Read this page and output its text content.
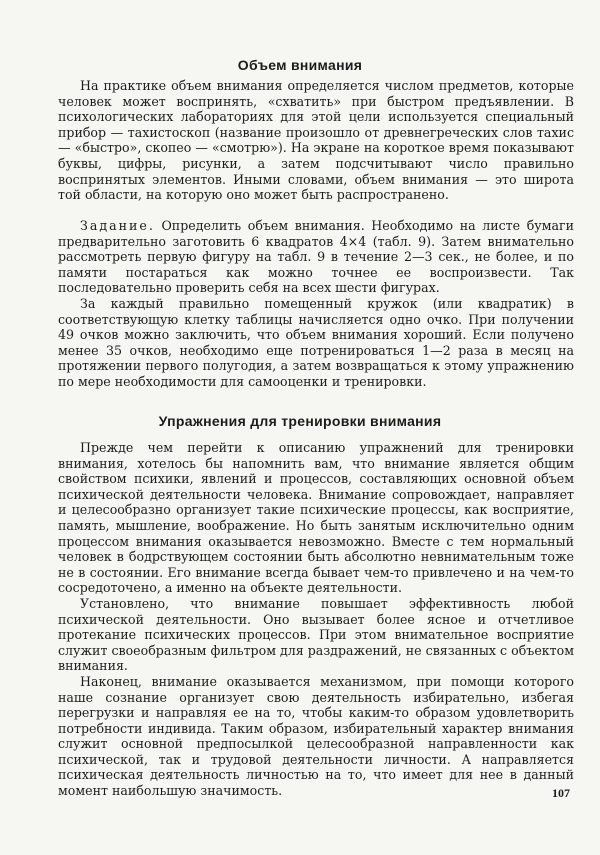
Объем внимания

На практике объем внимания определяется числом предметов, которые человек может воспринять, «схватить» при быстром предъявлении. В психологических лабораториях для этой цели используется специальный прибор — тахистоскоп (название произошло от древнегреческих слов тахис — «быстро», скопео — «смотрю»). На экране на короткое время показывают буквы, цифры, рисунки, а затем подсчитывают число правильно воспринятых элементов. Иными словами, объем внимания — это широта той области, на которую оно может быть распространено.

Задание. Определить объем внимания. Необходимо на листе бумаги предварительно заготовить 6 квадратов 4×4 (табл. 9). Затем внимательно рассмотреть первую фигуру на табл. 9 в течение 2—3 сек., не более, и по памяти постараться как можно точнее ее воспроизвести. Так последовательно проверить себя на всех шести фигурах.

За каждый правильно помещенный кружок (или квадратик) в соответствующую клетку таблицы начисляется одно очко. При получении 49 очков можно заключить, что объем внимания хороший. Если получено менее 35 очков, необходимо еще потренироваться 1—2 раза в месяц на протяжении первого полугодия, а затем возвращаться к этому упражнению по мере необходимости для самооценки и тренировки.

Упражнения для тренировки внимания

Прежде чем перейти к описанию упражнений для тренировки внимания, хотелось бы напомнить вам, что внимание является общим свойством психики, явлений и процессов, составляющих основной объем психической деятельности человека. Внимание сопровождает, направляет и целесообразно организует такие психические процессы, как восприятие, память, мышление, воображение. Но быть занятым исключительно одним процессом внимания оказывается невозможно. Вместе с тем нормальный человек в бодрствующем состоянии быть абсолютно невнимательным тоже не в состоянии. Его внимание всегда бывает чем-то привлечено и на чем-то сосредоточено, а именно на объекте деятельности.

Установлено, что внимание повышает эффективность любой психической деятельности. Оно вызывает более ясное и отчетливое протекание психических процессов. При этом внимательное восприятие служит своеобразным фильтром для раздражений, не связанных с объектом внимания.

Наконец, внимание оказывается механизмом, при помощи которого наше сознание организует свою деятельность избирательно, избегая перегрузки и направляя ее на то, чтобы каким-то образом удовлетворить потребности индивида. Таким образом, избирательный характер внимания служит основной предпосылкой целесообразной направленности как психической, так и трудовой деятельности личности. А направляется психическая деятельность личностью на то, что имеет для нее в данный момент наибольшую значимость.	107
